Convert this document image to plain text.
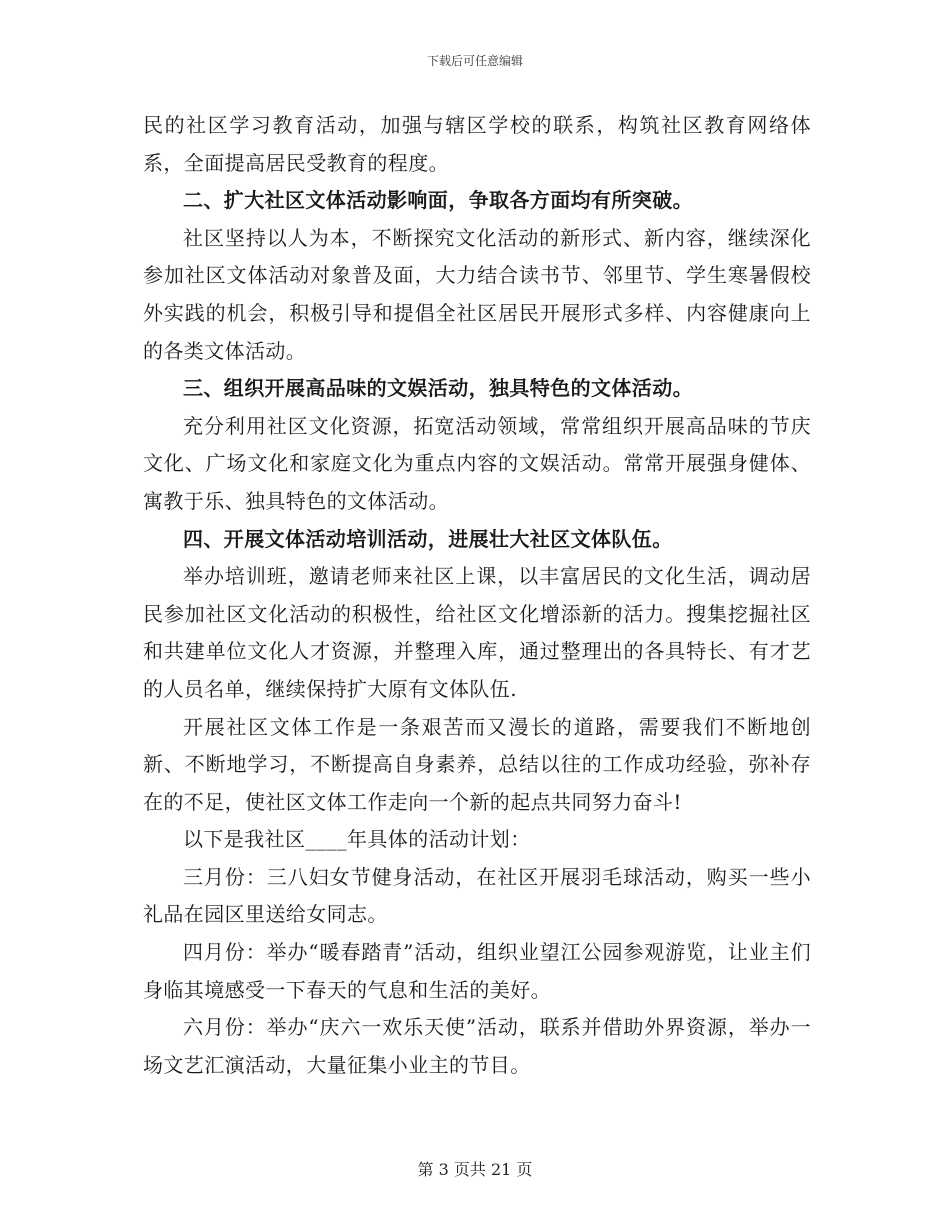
下载后可任意编辑

民的社区学习教育活动，加强与辖区学校的联系，构筑社区教育网络体系，全面提高居民受教育的程度。

二、扩大社区文体活动影响面，争取各方面均有所突破。

社区坚持以人为本，不断探究文化活动的新形式、新内容，继续深化参加社区文体活动对象普及面，大力结合读书节、邻里节、学生寒暑假校外实践的机会，积极引导和提倡全社区居民开展形式多样、内容健康向上的各类文体活动。

三、组织开展高品味的文娱活动，独具特色的文体活动。

充分利用社区文化资源，拓宽活动领域，常常组织开展高品味的节庆文化、广场文化和家庭文化为重点内容的文娱活动。常常开展强身健体、寓教于乐、独具特色的文体活动。

四、开展文体活动培训活动，进展壮大社区文体队伍。

举办培训班，邀请老师来社区上课，以丰富居民的文化生活，调动居民参加社区文化活动的积极性，给社区文化增添新的活力。搜集挖掘社区和共建单位文化人才资源，并整理入库，通过整理出的各具特长、有才艺的人员名单，继续保持扩大原有文体队伍.

开展社区文体工作是一条艰苦而又漫长的道路，需要我们不断地创新、不断地学习，不断提高自身素养，总结以往的工作成功经验，弥补存在的不足，使社区文体工作走向一个新的起点共同努力奋斗!

以下是我社区____年具体的活动计划：

三月份：三八妇女节健身活动，在社区开展羽毛球活动，购买一些小礼品在园区里送给女同志。

四月份：举办“暖春踏青”活动，组织业望江公园参观游览，让业主们身临其境感受一下春天的气息和生活的美好。

六月份：举办“庆六一欢乐天使”活动，联系并借助外界资源，举办一场文艺汇演活动，大量征集小业主的节目。

第 3 页共 21 页
